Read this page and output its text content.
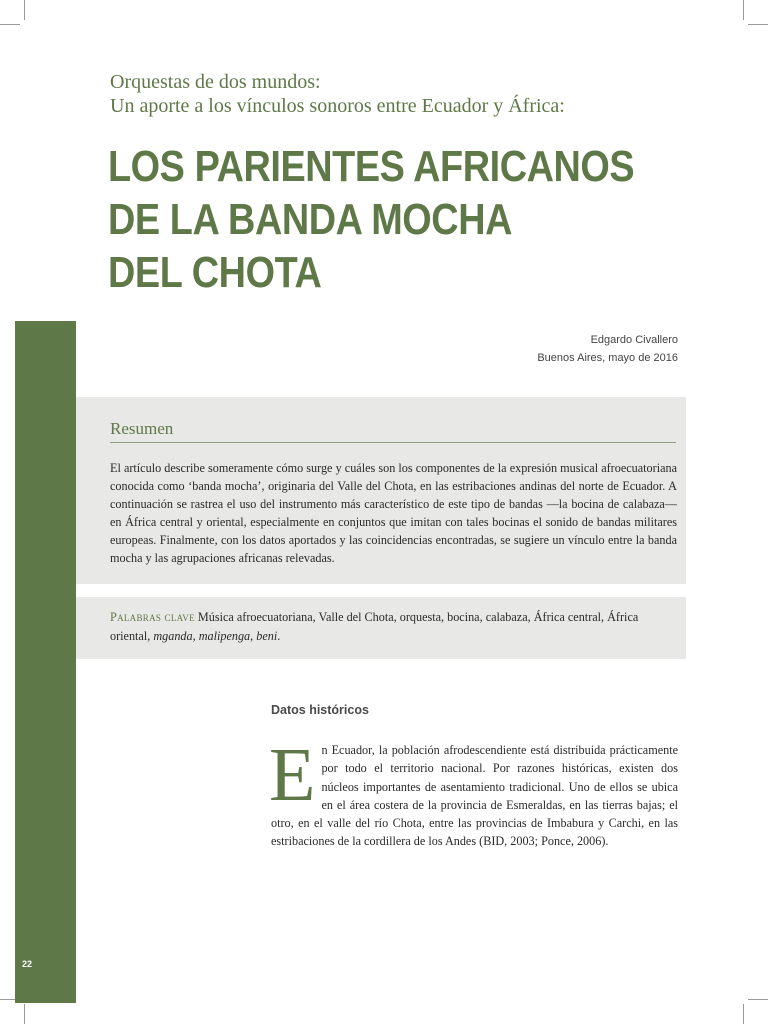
22
Orquestas de dos mundos:
Un aporte a los vínculos sonoros entre Ecuador y África:
LOS PARIENTES AFRICANOS
DE LA BANDA MOCHA
DEL CHOTA
Edgardo Civallero
Buenos Aires, mayo de 2016
Resumen
El artículo describe someramente cómo surge y cuáles son los componentes de la expresión musical afroecuatoriana conocida como ‘banda mocha’, originaria del Valle del Chota, en las estribaciones andinas del norte de Ecuador. A continuación se rastrea el uso del instrumento más característico de este tipo de bandas —la bocina de calabaza— en África central y oriental, especialmente en conjuntos que imitan con tales bocinas el sonido de bandas militares europeas. Finalmente, con los datos aportados y las coincidencias encontradas, se sugiere un vínculo entre la banda mocha y las agrupaciones africanas relevadas.
Palabras clave Música afroecuatoriana, Valle del Chota, orquesta, bocina, calabaza, África central, África oriental, mganda, malipenga, beni.
Datos históricos
En Ecuador, la población afrodescendiente está distribuida prácticamente por todo el territorio nacional. Por razones históricas, existen dos núcleos importantes de asentamiento tradicional. Uno de ellos se ubica en el área costera de la provincia de Esmeraldas, en las tierras bajas; el otro, en el valle del río Chota, entre las provincias de Imbabura y Carchi, en las estribaciones de la cordillera de los Andes (BID, 2003; Ponce, 2006).
